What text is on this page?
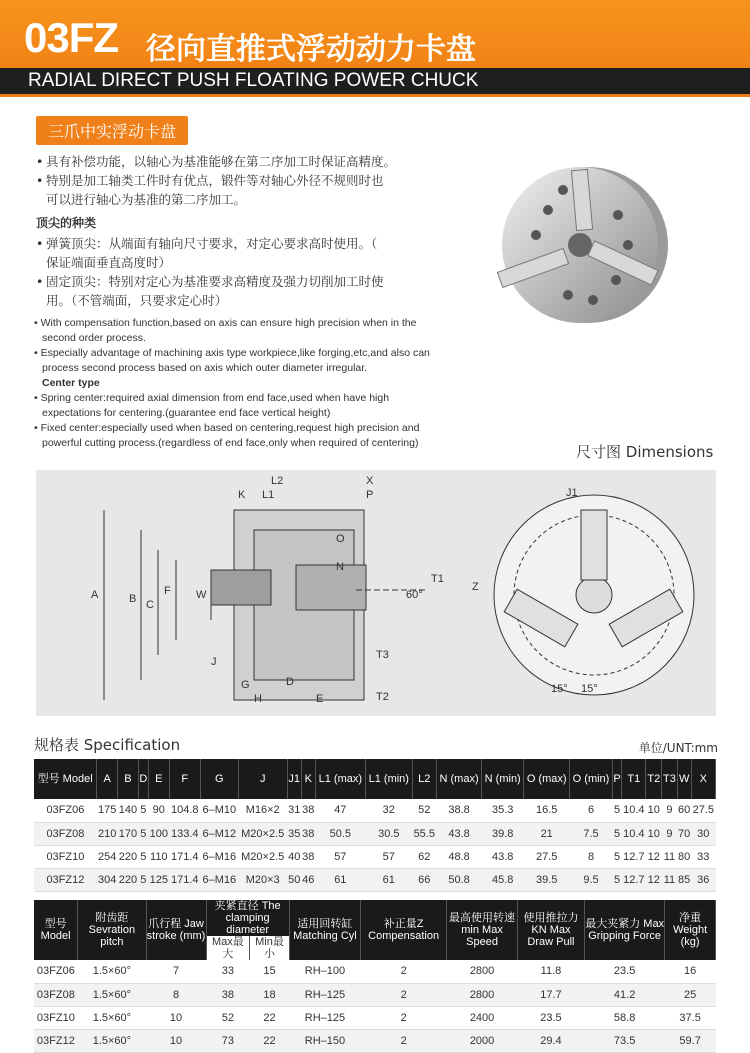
03FZ 径向直推式浮动动力卡盘
RADIAL DIRECT PUSH FLOATING POWER CHUCK
三爪中实浮动卡盘
• 具有补偿功能，以轴心为基准能够在第二序加工时保证高精度。
• 特别是加工轴类工件时有优点，锻件等对轴心外径不规则时也
可以进行轴心为基准的第二序加工。
顶尖的种类
• 弹簧顶尖：从端面有轴向尺寸要求，对定心要求高时使用。（
保证端面垂直高度时）
• 固定顶尖：特别对定心为基准要求高精度及强力切削加工时使
用。（不管端面，只要求定心时）

• With compensation function,based on axis can ensure high precision when in the second order process.

• Especially advantage of machining axis type workpiece,like forging,etc,and also can process second process based on axis which outer diameter irregular.

Center type

• Spring center:required axial dimension from end face,used when have high expectations for centering.(guarantee end face vertical height)

• Fixed center:especially used when based on centering,request high precision and powerful cutting process.(regardless of end face,only when required of centering)	尺寸图 Dimensions
A	B C
F W
J
G
H
D
K L1
L2
E
O
N
P
X
T1
T2
T3
60°
J1
Z
15° 15°
规格表 Specification	单位/UNT:mm
型号 Model	A	B	D	E	F	G	J	J1	K	L1 (max)	L1 (min)	L2	N (max)	N (min)	O (max)	O (min)	P	T1	T2	T3	W	X
03FZ06	175	140	5	90	104.8	6–M10	M16×2	31	38	47	32	52	38.8	35.3	16.5	6	5	10.4	10	9	60	27.5
03FZ08	210	170	5	100	133.4	6–M12	M20×2.5	35	38	50.5	30.5	55.5	43.8	39.8	21	7.5	5	10.4	10	9	70	30
03FZ10	254	220	5	110	171.4	6–M16	M20×2.5	40	38	57	57	62	48.8	43.8	27.5	8	5	12.7	12	11	80	33
03FZ12	304	220	5	125	171.4	6–M16	M20×3	50	46	61	61	66	50.8	45.8	39.5	9.5	5	12.7	12	11	85	36
型号 Model	附齿距 Sevration pitch	爪行程 Jaw stroke (mm)	夹紧直径 The clamping diameter		适用回转缸 Matching Cyl	补正量Z Compensation	最高使用转速 min Max Speed	使用推拉力 KN Max Draw Pull	最大夹紧力 Max Gripping Force	净重 Weight (kg)
			Max最大	Min最小						
03FZ06	1.5×60°	7	33	15	RH–100	2	2800	11.8	23.5	16
03FZ08	1.5×60°	8	38	18	RH–125	2	2800	17.7	41.2	25
03FZ10	1.5×60°	10	52	22	RH–125	2	2400	23.5	58.8	37.5
03FZ12	1.5×60°	10	73	22	RH–150	2	2000	29.4	73.5	59.7
